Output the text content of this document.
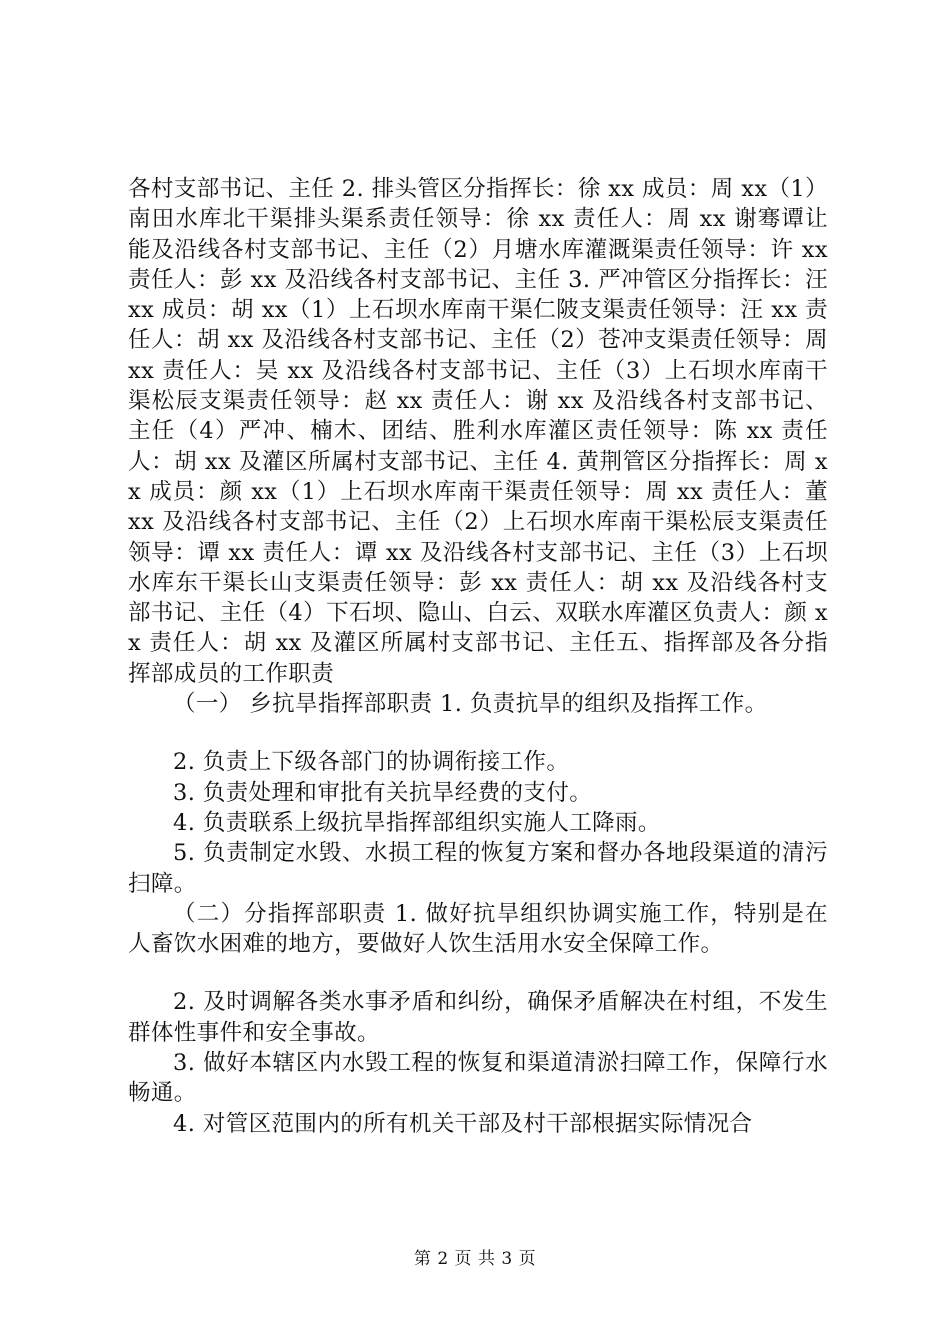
各村支部书记、主任 2. 排头管区分指挥长：徐 xx 成员：周 xx（1）南田水库北干渠排头渠系责任领导：徐 xx 责任人：周 xx 谢骞谭让能及沿线各村支部书记、主任（2）月塘水库灌溉渠责任领导：许 xx 责任人：彭 xx 及沿线各村支部书记、主任 3. 严冲管区分指挥长：汪 xx 成员：胡 xx（1）上石坝水库南干渠仁陂支渠责任领导：汪 xx 责任人：胡 xx 及沿线各村支部书记、主任（2）苍冲支渠责任领导：周 xx 责任人：吴 xx 及沿线各村支部书记、主任（3）上石坝水库南干渠松辰支渠责任领导：赵 xx 责任人：谢 xx 及沿线各村支部书记、主任（4）严冲、楠木、团结、胜利水库灌区责任领导：陈 xx 责任人：胡 xx 及灌区所属村支部书记、主任 4. 黄荆管区分指挥长：周 xx 成员：颜 xx（1）上石坝水库南干渠责任领导：周 xx 责任人：董 xx 及沿线各村支部书记、主任（2）上石坝水库南干渠松辰支渠责任领导：谭 xx 责任人：谭 xx 及沿线各村支部书记、主任（3）上石坝水库东干渠长山支渠责任领导：彭 xx 责任人：胡 xx 及沿线各村支部书记、主任（4）下石坝、隐山、白云、双联水库灌区负责人：颜 xx 责任人：胡 xx 及灌区所属村支部书记、主任五、指挥部及各分指挥部成员的工作职责

（一） 乡抗旱指挥部职责 1. 负责抗旱的组织及指挥工作。

2. 负责上下级各部门的协调衔接工作。

3. 负责处理和审批有关抗旱经费的支付。

4. 负责联系上级抗旱指挥部组织实施人工降雨。

5. 负责制定水毁、水损工程的恢复方案和督办各地段渠道的清污扫障。

（二）分指挥部职责 1. 做好抗旱组织协调实施工作，特别是在人畜饮水困难的地方，要做好人饮生活用水安全保障工作。

2. 及时调解各类水事矛盾和纠纷，确保矛盾解决在村组，不发生群体性事件和安全事故。

3. 做好本辖区内水毁工程的恢复和渠道清淤扫障工作，保障行水畅通。

4. 对管区范围内的所有机关干部及村干部根据实际情况合

第 2 页 共 3 页
